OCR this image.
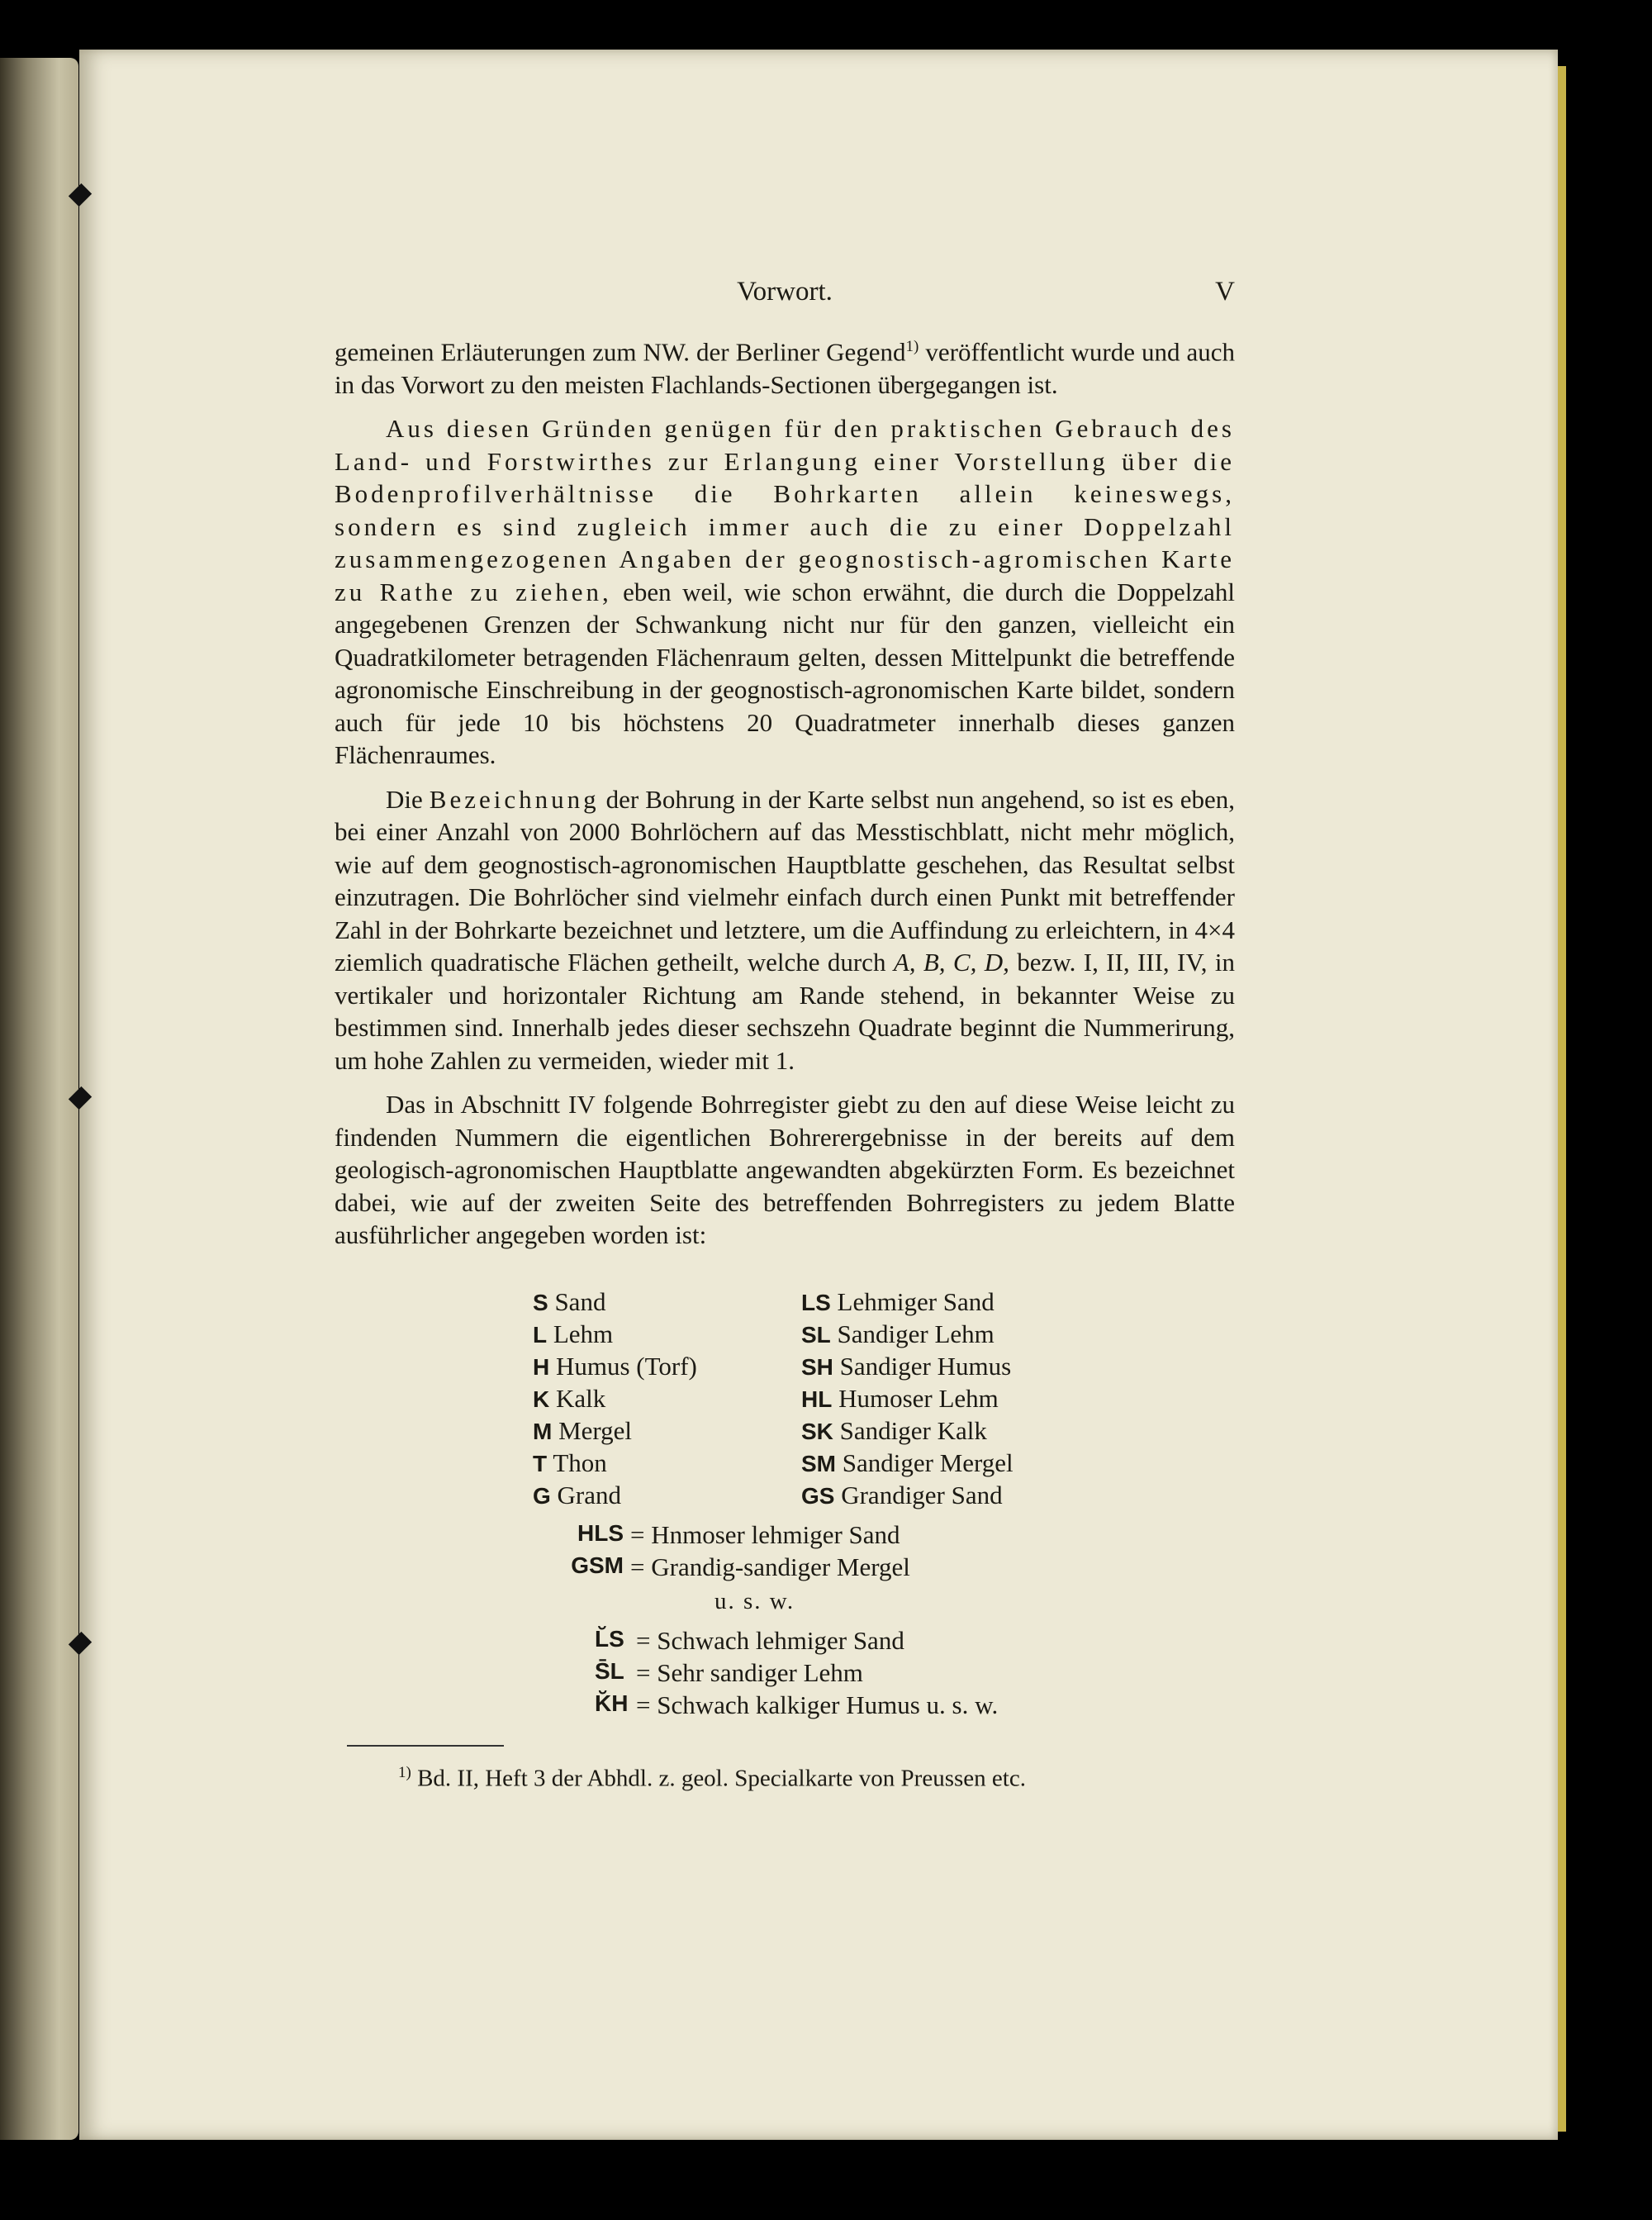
Vorwort.	V

gemeinen Erläuterungen zum NW. der Berliner Gegend$^{1)}$ veröffentlicht wurde und auch in das Vorwort zu den meisten Flachlands-Sectionen übergegangen ist.

Aus diesen Gründen genügen für den praktischen Gebrauch des Land- und Forstwirthes zur Erlangung einer Vorstellung über die Bodenprofilverhältnisse die Bohrkarten allein keineswegs, sondern es sind zugleich immer auch die zu einer Doppelzahl zusammengezogenen Angaben der geognostisch-agromischen Karte zu Rathe zu ziehen, eben weil, wie schon erwähnt, die durch die Doppelzahl angegebenen Grenzen der Schwankung nicht nur für den ganzen, vielleicht ein Quadratkilometer betragenden Flächenraum gelten, dessen Mittelpunkt die betreffende agronomische Einschreibung in der geognostisch-agronomischen Karte bildet, sondern auch für jede 10 bis höchstens 20 Quadratmeter innerhalb dieses ganzen Flächenraumes.

Die Bezeichnung der Bohrung in der Karte selbst nun angehend, so ist es eben, bei einer Anzahl von 2000 Bohrlöchern auf das Messtischblatt, nicht mehr möglich, wie auf dem geognostisch-agronomischen Hauptblatte geschehen, das Resultat selbst einzutragen. Die Bohrlöcher sind vielmehr einfach durch einen Punkt mit betreffender Zahl in der Bohrkarte bezeichnet und letztere, um die Auffindung zu erleichtern, in 4×4 ziemlich quadratische Flächen getheilt, welche durch A, B, C, D, bezw. I, II, III, IV, in vertikaler und horizontaler Richtung am Rande stehend, in bekannter Weise zu bestimmen sind. Innerhalb jedes dieser sechszehn Quadrate beginnt die Nummerirung, um hohe Zahlen zu vermeiden, wieder mit 1.

Das in Abschnitt IV folgende Bohrregister giebt zu den auf diese Weise leicht zu findenden Nummern die eigentlichen Bohrerergebnisse in der bereits auf dem geologisch-agronomischen Hauptblatte angewandten abgekürzten Form. Es bezeichnet dabei, wie auf der zweiten Seite des betreffenden Bohrregisters zu jedem Blatte ausführlicher angegeben worden ist:

S Sand	LS Lehmiger Sand
L Lehm	SL Sandiger Lehm
H Humus (Torf)	SH Sandiger Humus
K Kalk	HL Humoser Lehm
M Mergel	SK Sandiger Kalk
T Thon	SM Sandiger Mergel
G Grand	GS Grandiger Sand
HLS = Hnmoser lehmiger Sand
GSM = Grandig-sandiger Mergel
u. s. w.
L̆S = Schwach lehmiger Sand
S̄L = Sehr sandiger Lehm
K̆H = Schwach kalkiger Humus u. s. w.
$^{1)}$ Bd. II, Heft 3 der Abhdl. z. geol. Specialkarte von Preussen etc.
